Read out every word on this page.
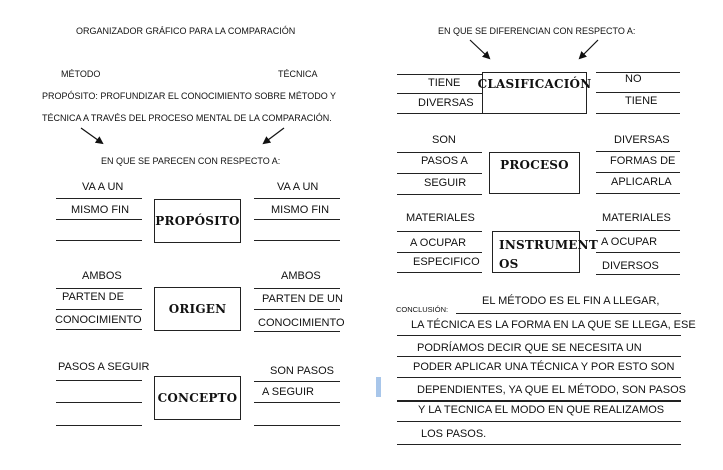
ORGANIZADOR GRÁFICO PARA LA COMPARACIÓN
MÉTODO	TÉCNICA
PROPÓSITO: PROFUNDIZAR EL CONOCIMIENTO SOBRE MÉTODO Y
TÉCNICA A TRAVÉS DEL PROCESO MENTAL DE LA COMPARACIÓN.
EN QUE SE PARECEN CON RESPECTO A:
VA A UN
MISMO FIN
PROPÓSITO
VA A UN
MISMO FIN
AMBOS
PARTEN DE
CONOCIMIENTO
ORIGEN
AMBOS
PARTEN DE UN
CONOCIMIENTO
PASOS A SEGUIR
CONCEPTO
SON PASOS
A SEGUIR
EN QUE SE DIFERENCIAN CON RESPECTO A:
TIENE
DIVERSAS
CLASIFICACIÓN	NO
TIENE
SON
PASOS A
SEGUIR
PROCESO
DIVERSAS
FORMAS DE
APLICARLA
MATERIALES
A OCUPAR
ESPECIFICO
INSTRUMENT
OS
MATERIALES
A OCUPAR
DIVERSOS
CONCLUSIÓN:
EL MÉTODO ES EL FIN A LLEGAR,
LA TÉCNICA ES LA FORMA EN LA QUE SE LLEGA, ESE
PODRÍAMOS DECIR QUE SE NECESITA UN
PODER APLICAR UNA TÉCNICA Y POR ESTO SON
DEPENDIENTES, YA QUE EL MÉTODO, SON PASOS
Y LA TECNICA EL MODO EN QUE REALIZAMOS
LOS PASOS.
